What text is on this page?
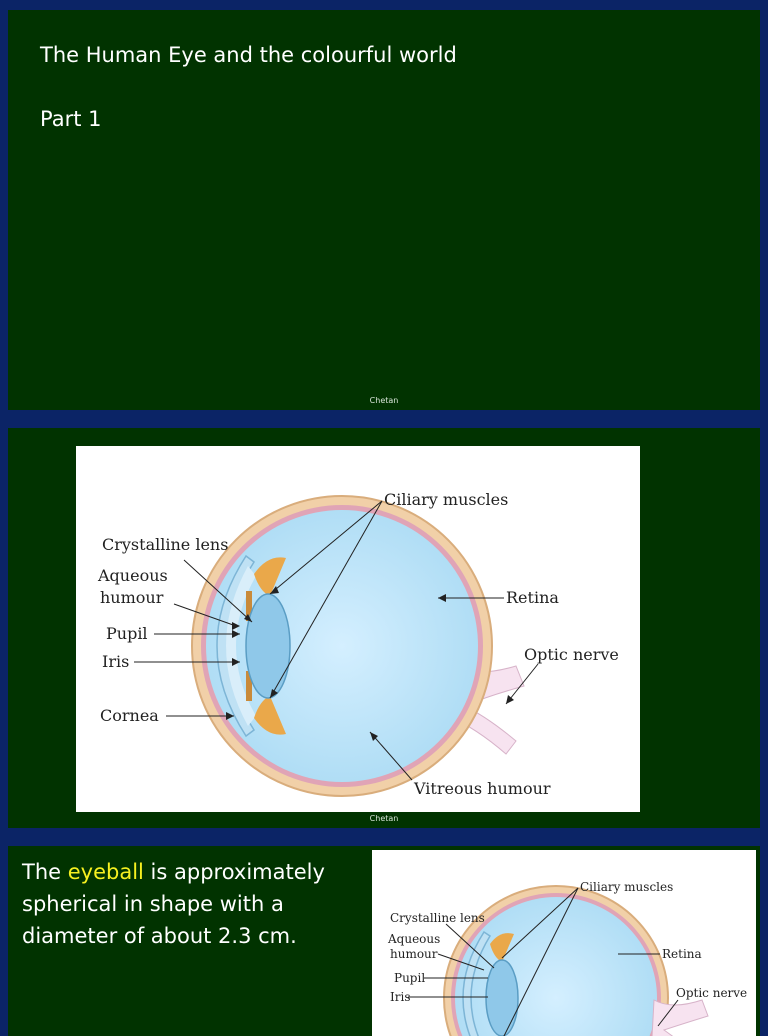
The Human Eye and the colourful world
Part 1
Chetan
Ciliary muscles
Crystalline lens
Aqueous
humour
Pupil
Iris
Cornea
Retina
Optic nerve
Vitreous humour
Chetan
The eyeball is approximately spherical in shape with a diameter of about 2.3 cm.
Ciliary muscles
Crystalline lens
Aqueous
humour
Pupil
Iris
Retina
Optic nerve
